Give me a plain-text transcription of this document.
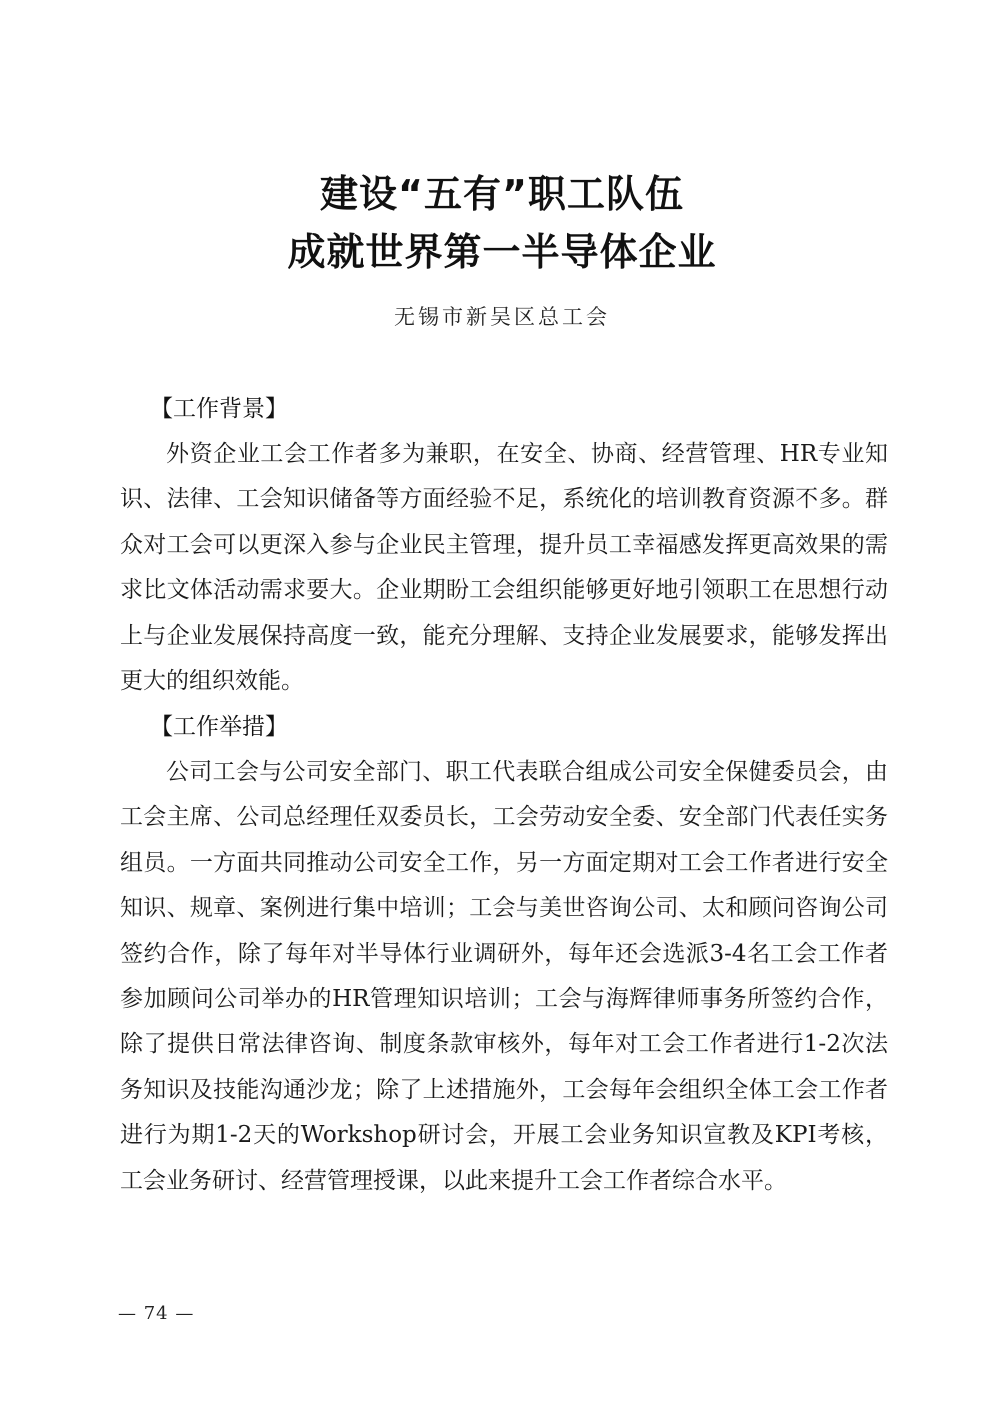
建设“五有”职工队伍
成就世界第一半导体企业
无锡市新吴区总工会
【工作背景】

外资企业工会工作者多为兼职，在安全、协商、经营管理、HR专业知识、法律、工会知识储备等方面经验不足，系统化的培训教育资源不多。群众对工会可以更深入参与企业民主管理，提升员工幸福感发挥更高效果的需求比文体活动需求要大。企业期盼工会组织能够更好地引领职工在思想行动上与企业发展保持高度一致，能充分理解、支持企业发展要求，能够发挥出更大的组织效能。

【工作举措】

公司工会与公司安全部门、职工代表联合组成公司安全保健委员会，由工会主席、公司总经理任双委员长，工会劳动安全委、安全部门代表任实务组员。一方面共同推动公司安全工作，另一方面定期对工会工作者进行安全知识、规章、案例进行集中培训；工会与美世咨询公司、太和顾问咨询公司签约合作，除了每年对半导体行业调研外，每年还会选派3-4名工会工作者参加顾问公司举办的HR管理知识培训；工会与海辉律师事务所签约合作，除了提供日常法律咨询、制度条款审核外，每年对工会工作者进行1-2次法务知识及技能沟通沙龙；除了上述措施外，工会每年会组织全体工会工作者进行为期1-2天的Workshop研讨会，开展工会业务知识宣教及KPI考核，工会业务研讨、经营管理授课，以此来提升工会工作者综合水平。

— 74 —
